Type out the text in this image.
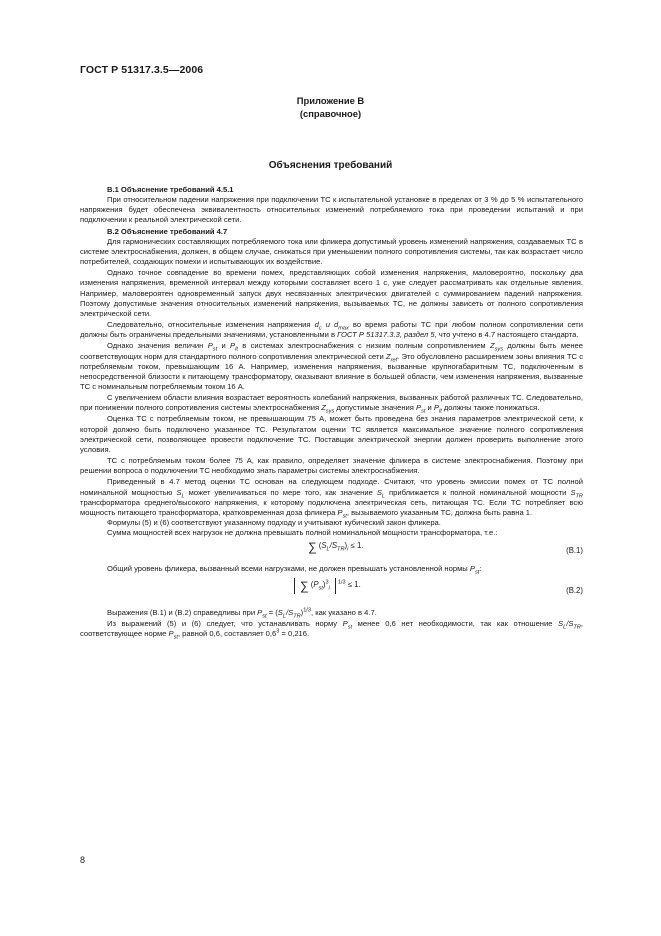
ГОСТ Р 51317.3.5—2006
Приложение В
(справочное)
Объяснения требований

В.1 Объяснение требований 4.5.1

При относительном падении напряжения при подключении ТС к испытательной установке в пределах от 3 % до 5 % испытательного напряжения будет обеспечена эквивалентность относительных изменений потребляемого тока при проведении испытаний и при подключении к реальной электрической сети.

В.2 Объяснение требований 4.7

Для гармонических составляющих потребляемого тока или фликера допустимый уровень изменений напряжения, создаваемых ТС в системе электроснабжения, должен, в общем случае, снижаться при уменьшении полного сопротивления системы, так как возрастает число потребителей, создающих помехи и испытывающих их воздействие.

Однако точное совпадение во времени помех, представляющих собой изменения напряжения, маловероятно, поскольку два изменения напряжения, временной интервал между которыми составляет всего 1 с, уже следует рассматривать как отдельные явления. Например, маловероятен одновременный запуск двух несвязанных электрических двигателей с суммированием падений напряжения. Поэтому допустимые значения относительных изменений напряжения, вызываемых ТС, не должны зависеть от полного сопротивления электрической сети.

Следовательно, относительные изменения напряжения $d_c$ и $d_{max}$ во время работы ТС при любом полном сопротивлении сети должны быть ограничены предельными значениями, установленными в ГОСТ Р 51317.3.3, раздел 5, что учтено в 4.7 настоящего стандарта.

Однако значения величин $P_{st}$ и $P_{lt}$ в системах электроснабжения с низким полным сопротивлением $Z_{sys}$ должны быть менее соответствующих норм для стандартного полного сопротивления электрической сети $Z_{ref}$. Это обусловлено расширением зоны влияния ТС с потребляемым током, превышающим 16 А. Например, изменения напряжения, вызванные крупногабаритным ТС, подключенным в непосредственной близости к питающему трансформатору, оказывают влияние в большей области, чем изменения напряжения, вызванные ТС с номинальным потребляемым током 16 А.

С увеличением области влияния возрастает вероятность колебаний напряжения, вызванных работой различных ТС. Следовательно, при понижении полного сопротивления системы электроснабжения $Z_{sys}$ допустимые значения $P_{st}$ и $P_{lt}$ должны также понижаться.

Оценка ТС с потребляемым током, не превышающим 75 А, может быть проведена без знания параметров электрической сети, к которой должно быть подключено указанное ТС. Результатом оценки ТС является максимальное значение полного сопротивления электрической сети, позволяющее провести подключение ТС. Поставщик электрической энергии должен проверить выполнение этого условия.

ТС с потребляемым током более 75 А, как правило, определяет значение фликера в системе электроснабжения. Поэтому при решении вопроса о подключении ТС необходимо знать параметры системы электроснабжения.

Приведенный в 4.7 метод оценки ТС основан на следующем подходе. Считают, что уровень эмиссии помех от ТС полной номинальной мощностью $S_L$ может увеличиваться по мере того, как значение $S_L$ приближается к полной номинальной мощности $S_{TR}$ трансформатора среднего/высокого напряжения, к которому подключена электрическая сеть, питающая ТС. Если ТС потребляет всю мощность питающего трансформатора, кратковременная доза фликера $P_{st}$, вызываемого указанным ТС, должна быть равна 1.

Формулы (5) и (6) соответствуют указанному подходу и учитывают кубический закон фликера.

Сумма мощностей всех нагрузок не должна превышать полной номинальной мощности трансформатора, т.е.:

∑ $(S_L/S_{TR})_i \le 1$.
(В.1)

Общий уровень фликера, вызванный всеми нагрузками, не должен превышать установленной нормы $P_{st}$:

∑ $(P_{st})^3_i^{1/3} \le 1$.
(В.2)

Выражения (В.1) и (В.2) справедливы при $P_{st} = (S_L/S_{TR})^{1/3}$, как указано в 4.7.

Из выражений (5) и (6) следует, что устанавливать норму $P_{st}$ менее 0,6 нет необходимости, так как отношение $S_L/S_{TR}$, соответствующее норме $P_{st}$, равной 0,6, составляет $0,6^3 = 0,216$.

8
